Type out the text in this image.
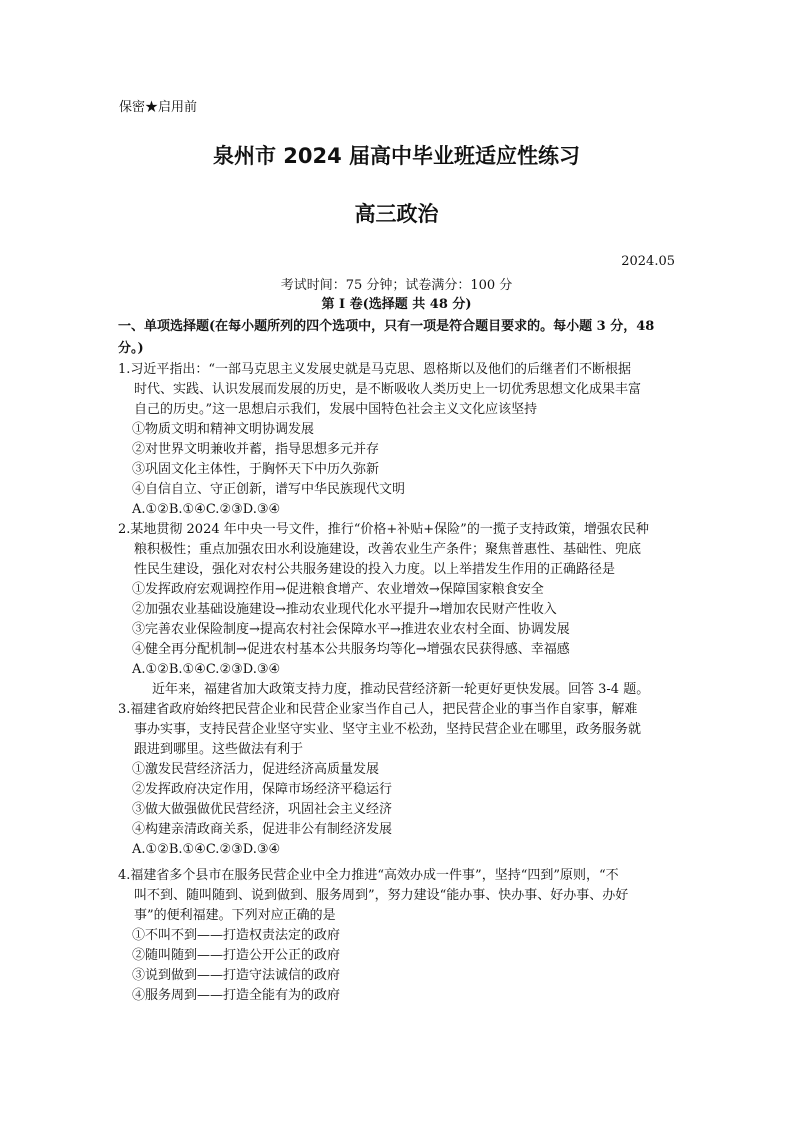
保密★启用前
泉州市 2024 届高中毕业班适应性练习
高三政治
2024.05
考试时间：75 分钟；试卷满分：100 分
第 I 卷(选择题 共 48 分)
一、单项选择题(在每小题所列的四个选项中，只有一项是符合题目要求的。每小题 3 分，48
分。)
1.习近平指出：“一部马克思主义发展史就是马克思、恩格斯以及他们的后继者们不断根据
时代、实践、认识发展而发展的历史，是不断吸收人类历史上一切优秀思想文化成果丰富
自己的历史。”这一思想启示我们，发展中国特色社会主义文化应该坚持
①物质文明和精神文明协调发展
②对世界文明兼收并蓄，指导思想多元并存
③巩固文化主体性，于胸怀天下中历久弥新
④自信自立、守正创新，谱写中华民族现代文明
A.①②B.①④C.②③D.③④
2.某地贯彻 2024 年中央一号文件，推行“价格+补贴+保险”的一揽子支持政策，增强农民种
粮积极性；重点加强农田水利设施建设，改善农业生产条件；聚焦普惠性、基础性、兜底
性民生建设，强化对农村公共服务建设的投入力度。以上举措发生作用的正确路径是
①发挥政府宏观调控作用→促进粮食增产、农业增效→保障国家粮食安全
②加强农业基础设施建设→推动农业现代化水平提升→增加农民财产性收入
③完善农业保险制度→提高农村社会保障水平→推进农业农村全面、协调发展
④健全再分配机制→促进农村基本公共服务均等化→增强农民获得感、幸福感
A.①②B.①④C.②③D.③④
近年来，福建省加大政策支持力度，推动民营经济新一轮更好更快发展。回答 3-4 题。
3.福建省政府始终把民营企业和民营企业家当作自己人，把民营企业的事当作自家事，解难
事办实事，支持民营企业坚守实业、坚守主业不松劲，坚持民营企业在哪里，政务服务就
跟进到哪里。这些做法有利于
①激发民营经济活力，促进经济高质量发展
②发挥政府决定作用，保障市场经济平稳运行
③做大做强做优民营经济，巩固社会主义经济
④构建亲清政商关系，促进非公有制经济发展
A.①②B.①④C.②③D.③④
4.福建省多个县市在服务民营企业中全力推进“高效办成一件事”，坚持“四到”原则，“不
叫不到、随叫随到、说到做到、服务周到”，努力建设“能办事、快办事、好办事、办好
事”的便利福建。下列对应正确的是
①不叫不到——打造权责法定的政府
②随叫随到——打造公开公正的政府
③说到做到——打造守法诚信的政府
④服务周到——打造全能有为的政府
